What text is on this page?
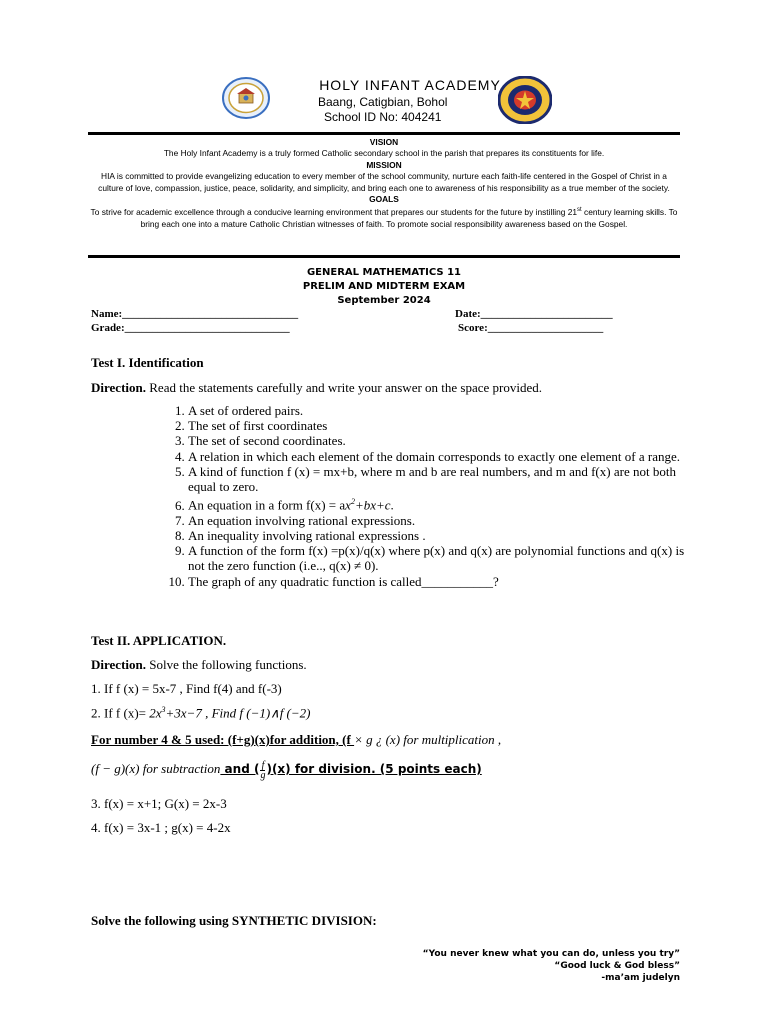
HOLY INFANT ACADEMY
Baang, Catigbian, Bohol
School ID No: 404241
VISION
The Holy Infant Academy is a truly formed Catholic secondary school in the parish that prepares its constituents for life.
MISSION
HIA is committed to provide evangelizing education to every member of the school community, nurture each faith-life centered in the Gospel of Christ in a culture of love, compassion, justice, peace, solidarity, and simplicity, and bring each one to awareness of his responsibility as a true member of the society.
GOALS
To strive for academic excellence through a conducive learning environment that prepares our students for the future by instilling 21st century learning skills. To bring each one into a mature Catholic Christian witnesses of faith. To promote social responsibility awareness based on the Gospel.
GENERAL MATHEMATICS 11
PRELIM AND MIDTERM EXAM
September 2024
Name:________________________________	Date:________________________
Grade:______________________________	Score:_____________________
Test I. Identification
Direction. Read the statements carefully and write your answer on the space provided.
1. A set of ordered pairs.
2. The set of first coordinates
3. The set of second coordinates.
4. A relation in which each element of the domain corresponds to exactly one element of a range.
5. A kind of function f (x) = mx+b, where m and b are real numbers, and m and f(x) are not both equal to zero.
6. An equation in a form $f(x) = ax^2+bx+c$.
7. An equation involving rational expressions.
8. An inequality involving rational expressions .
9. A function of the form f(x) =p(x)/q(x) where p(x) and q(x) are polynomial functions and q(x) is not the zero function (i.e.., q(x) ≠ 0).
10. The graph of any quadratic function is called___________?
Test II. APPLICATION.
Direction. Solve the following functions.
1. If f (x) = 5x-7 , Find f(4) and f(-3)
2. If f $(x)= 2x^3+3x-7$ , Find f (−1)∧f (−2)
For number 4 & 5 used: (f+g)(x)for addition, (f × g ¿ (x) for multiplication ,
(f − g)(x) for subtraction and ( $\frac{f}{g} )(x)$ for division. (5 points each)
3. f(x) = x+1; G(x) = 2x-3
4. f(x) = 3x-1 ; g(x) = 4-2x
Solve the following using SYNTHETIC DIVISION:
“You never knew what you can do, unless you try”
“Good luck & God bless”
-ma’am judelyn
